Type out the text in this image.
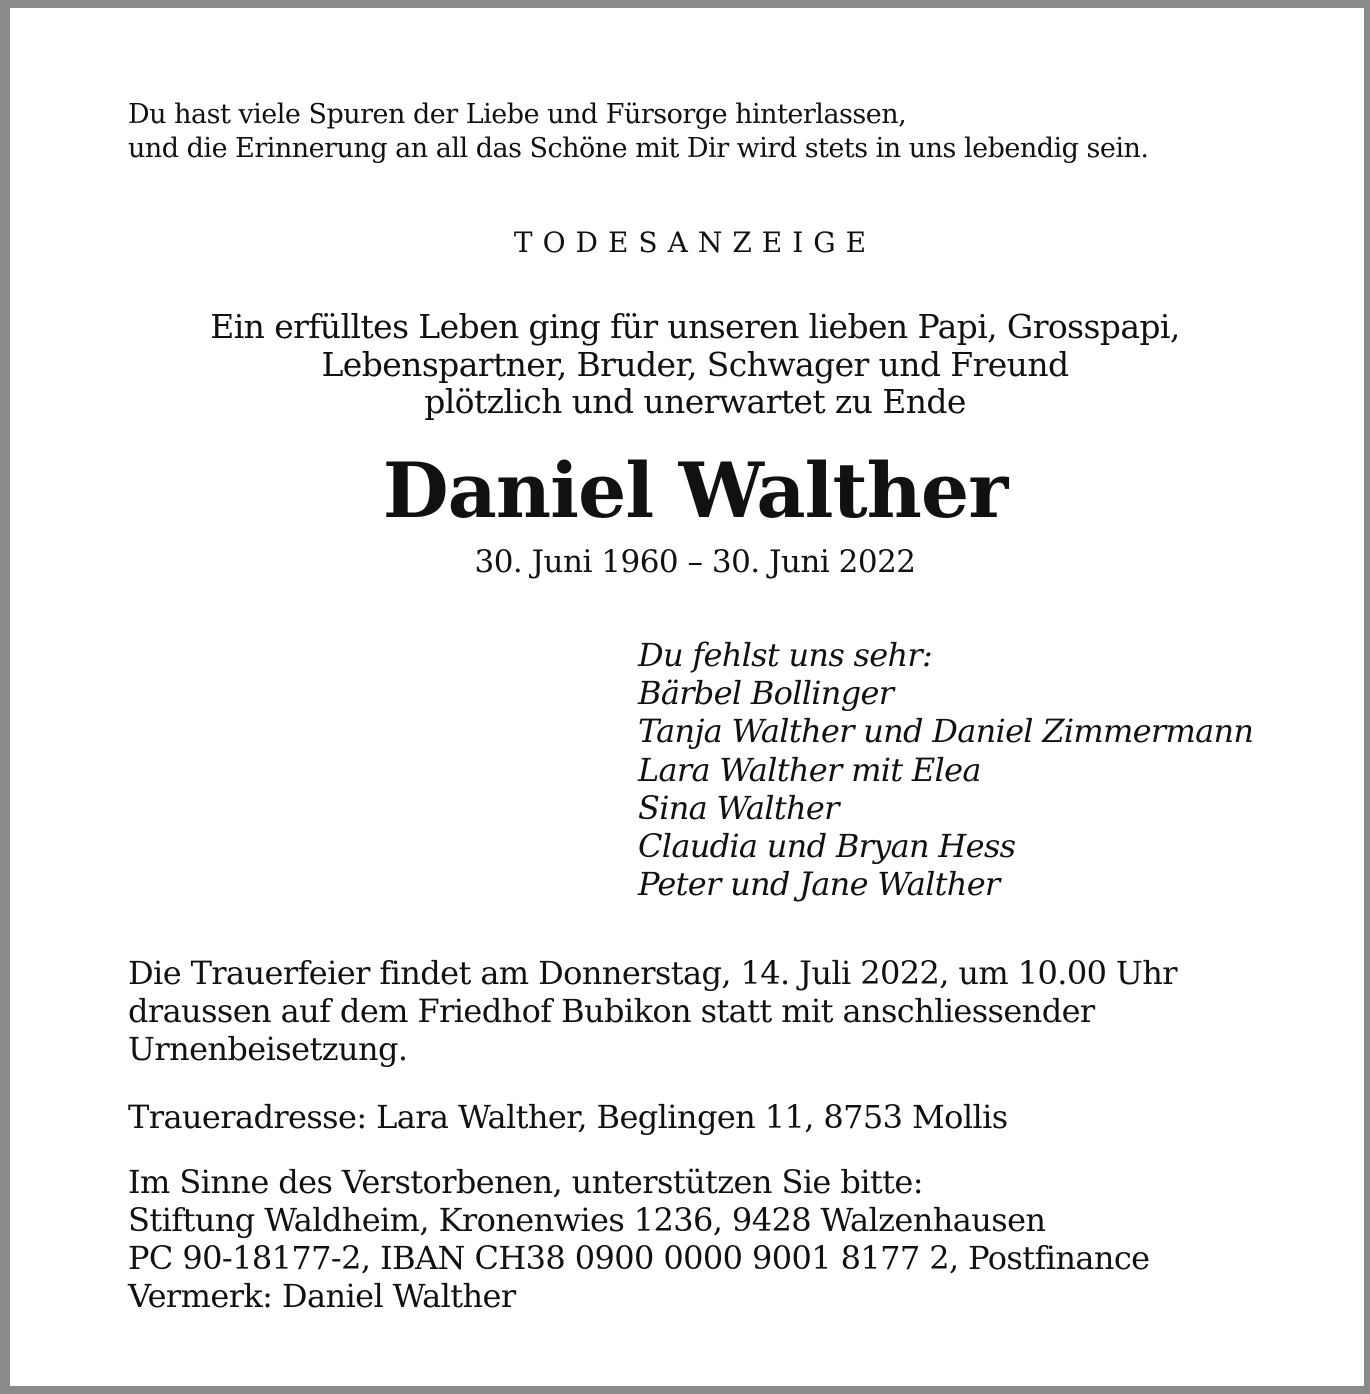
Du hast viele Spuren der Liebe und Fürsorge hinterlassen,
und die Erinnerung an all das Schöne mit Dir wird stets in uns lebendig sein.
TODESANZEIGE
Ein erfülltes Leben ging für unseren lieben Papi, Grosspapi,
Lebenspartner, Bruder, Schwager und Freund
plötzlich und unerwartet zu Ende
Daniel Walther
30. Juni 1960 – 30. Juni 2022
Du fehlst uns sehr:
Bärbel Bollinger
Tanja Walther und Daniel Zimmermann
Lara Walther mit Elea
Sina Walther
Claudia und Bryan Hess
Peter und Jane Walther
Die Trauerfeier findet am Donnerstag, 14. Juli 2022, um 10.00 Uhr
draussen auf dem Friedhof Bubikon statt mit anschliessender
Urnenbeisetzung.
Traueradresse: Lara Walther, Beglingen 11, 8753 Mollis
Im Sinne des Verstorbenen, unterstützen Sie bitte:
Stiftung Waldheim, Kronenwies 1236, 9428 Walzenhausen
PC 90-18177-2, IBAN CH38 0900 0000 9001 8177 2, Postfinance
Vermerk: Daniel Walther
